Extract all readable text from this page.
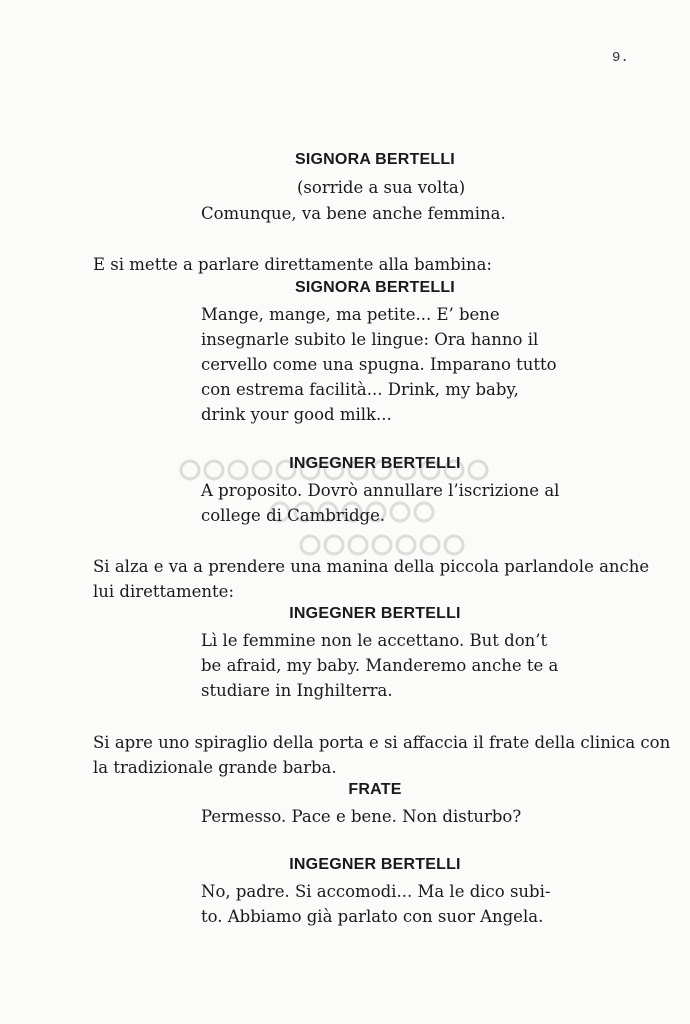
9.
SIGNORA BERTELLI
(sorride a sua volta)
Comunque, va bene anche femmina.
E si mette a parlare direttamente alla bambina:
SIGNORA BERTELLI
Mange, mange, ma petite... E’ bene
insegnarle subito le lingue: Ora hanno il
cervello come una spugna. Imparano tutto
con estrema facilità... Drink, my baby,
drink your good milk...
INGEGNER BERTELLI
A proposito. Dovrò annullare l’iscrizione al
college di Cambridge.
Si alza e va a prendere una manina della piccola parlandole anche
lui direttamente:
INGEGNER BERTELLI
Lì le femmine non le accettano. But don’t
be afraid, my baby. Manderemo anche te a
studiare in Inghilterra.
Si apre uno spiraglio della porta e si affaccia il frate della clinica con
la tradizionale grande barba.
FRATE
Permesso. Pace e bene. Non disturbo?
INGEGNER BERTELLI
No, padre. Si accomodi... Ma le dico subi-
to. Abbiamo già parlato con suor Angela.
